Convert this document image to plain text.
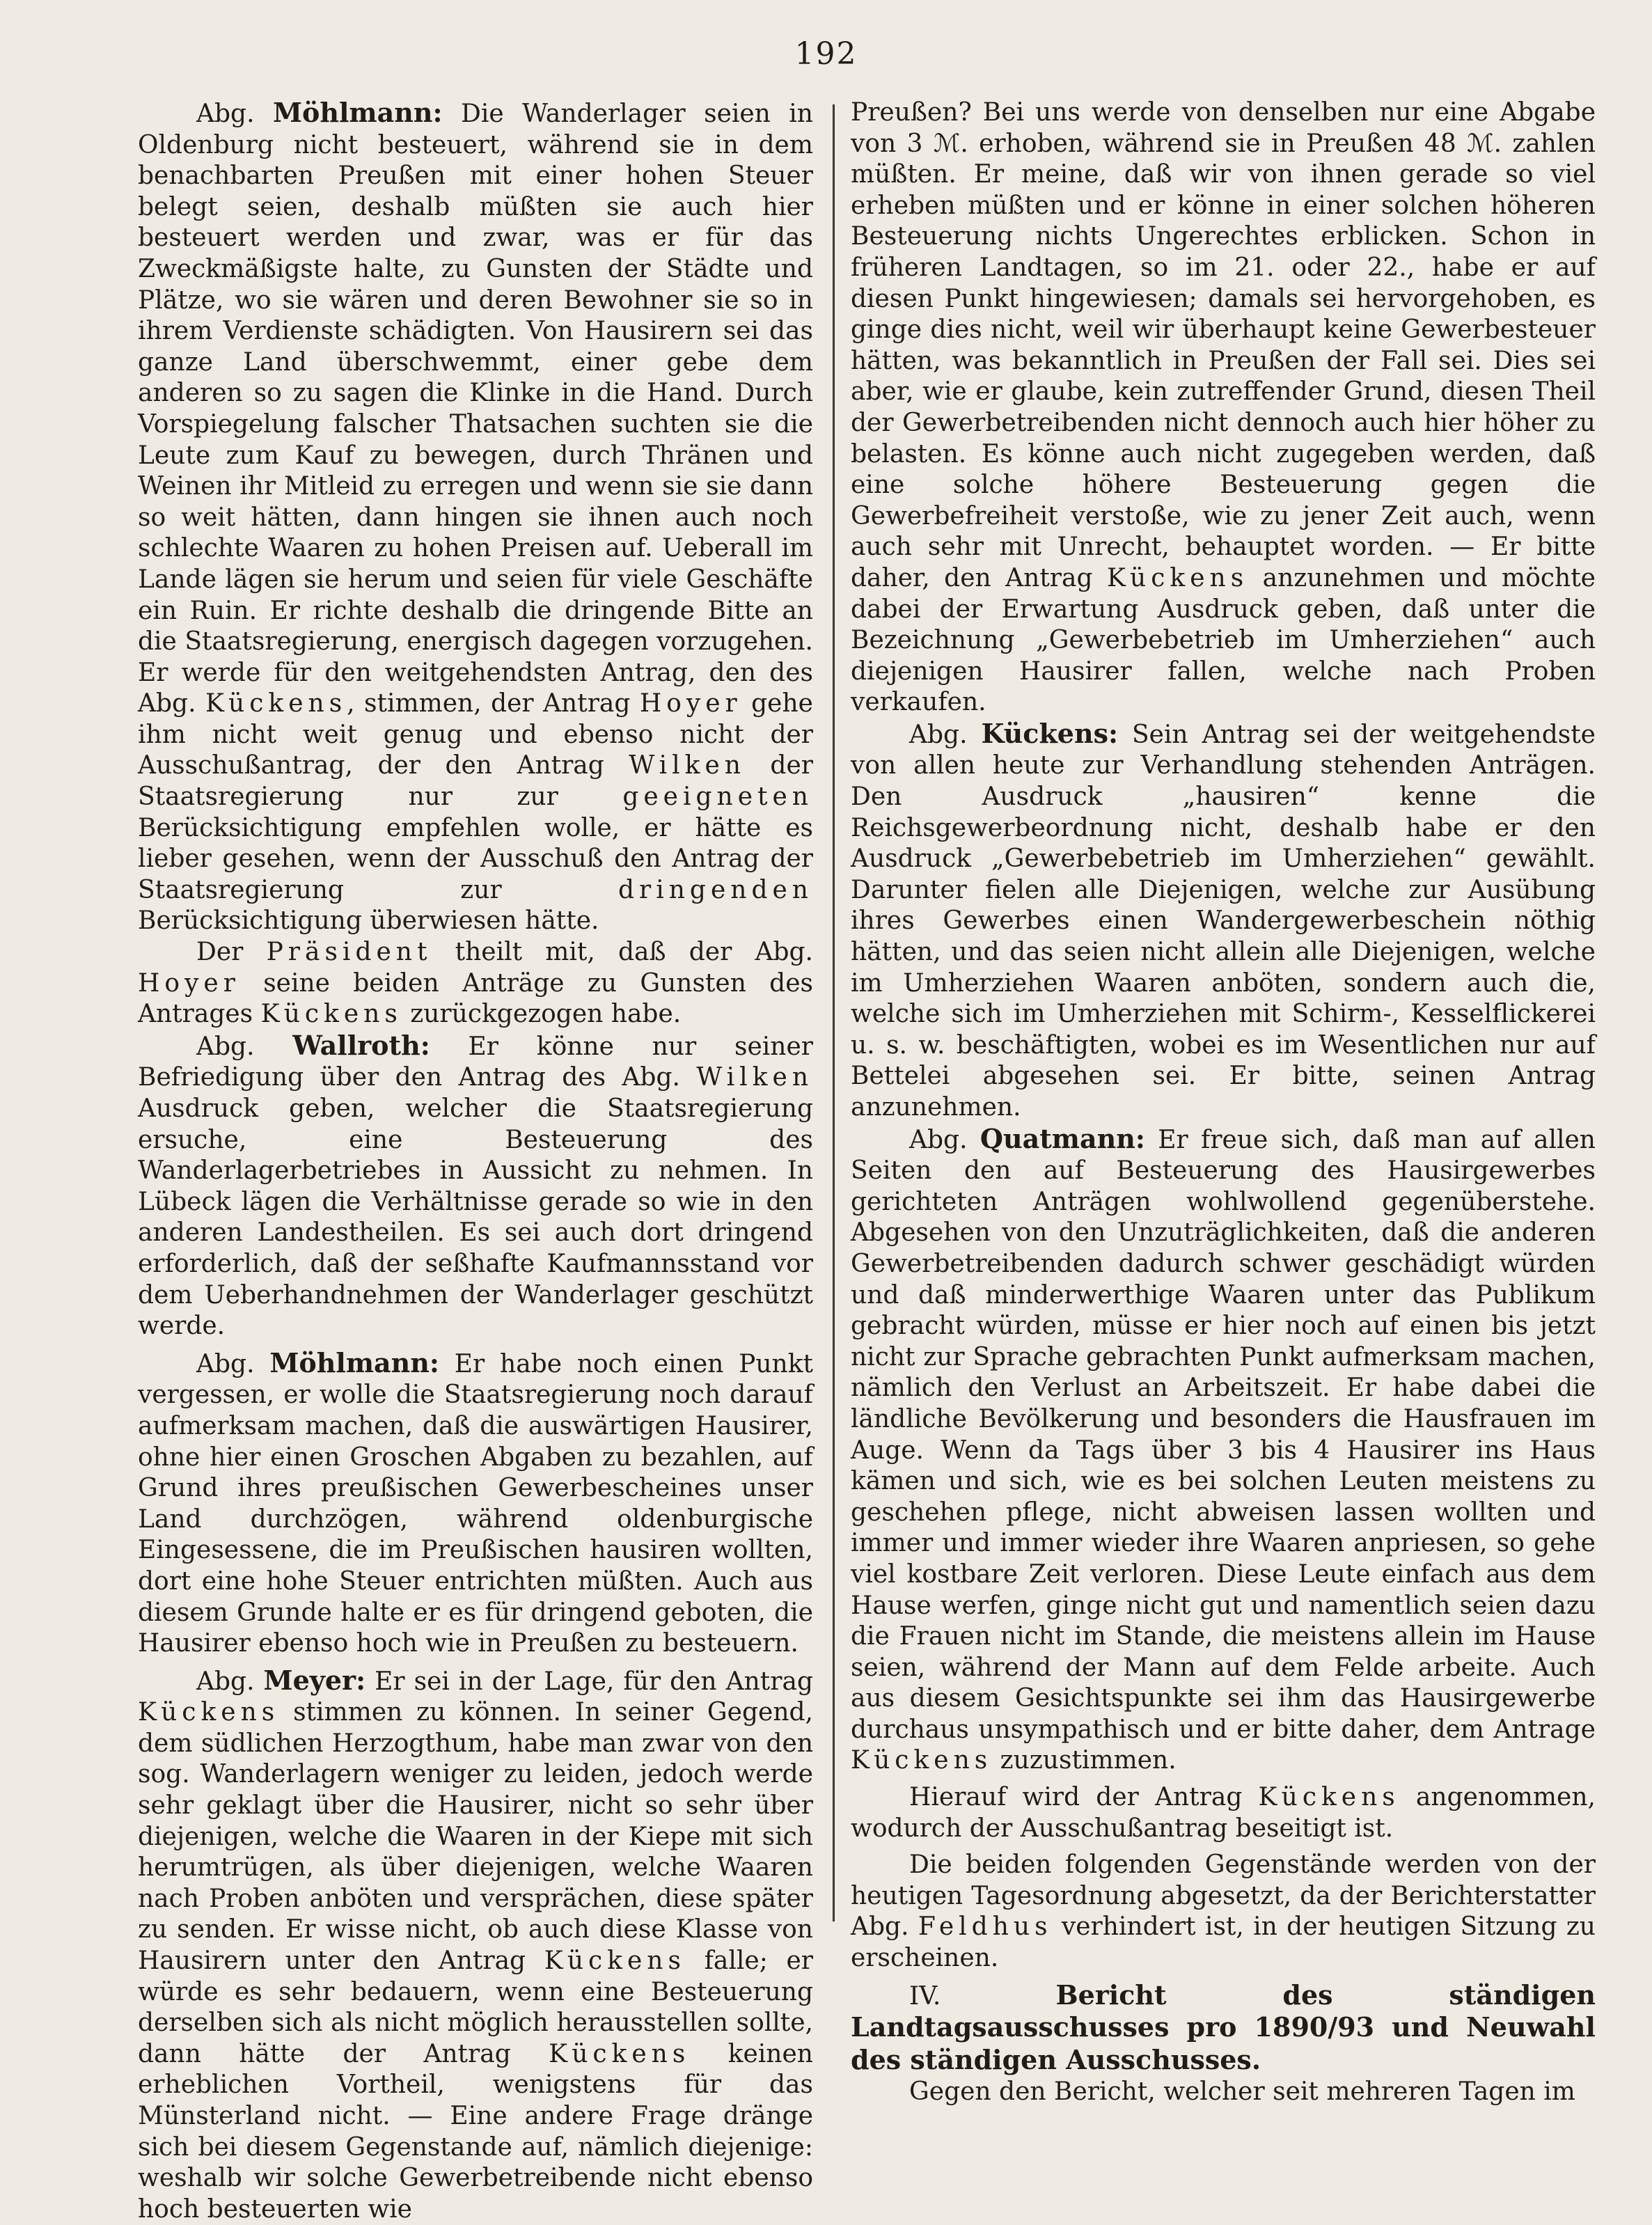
192

Abg. Möhlmann: Die Wanderlager seien in Oldenburg nicht besteuert, während sie in dem benachbarten Preußen mit einer hohen Steuer belegt seien, deshalb müßten sie auch hier besteuert werden und zwar, was er für das Zweckmäßigste halte, zu Gunsten der Städte und Plätze, wo sie wären und deren Bewohner sie so in ihrem Verdienste schädigten. Von Hausirern sei das ganze Land überschwemmt, einer gebe dem anderen so zu sagen die Klinke in die Hand. Durch Vorspiegelung falscher Thatsachen suchten sie die Leute zum Kauf zu bewegen, durch Thränen und Weinen ihr Mitleid zu erregen und wenn sie sie dann so weit hätten, dann hingen sie ihnen auch noch schlechte Waaren zu hohen Preisen auf. Ueberall im Lande lägen sie herum und seien für viele Geschäfte ein Ruin. Er richte deshalb die dringende Bitte an die Staatsregierung, energisch dagegen vorzugehen. Er werde für den weitgehendsten Antrag, den des Abg. Kückens, stimmen, der Antrag Hoyer gehe ihm nicht weit genug und ebenso nicht der Ausschußantrag, der den Antrag Wilken der Staatsregierung nur zur geeigneten Berücksichtigung empfehlen wolle, er hätte es lieber gesehen, wenn der Ausschuß den Antrag der Staatsregierung zur dringenden Berücksichtigung überwiesen hätte.

Der Präsident theilt mit, daß der Abg. Hoyer seine beiden Anträge zu Gunsten des Antrages Kückens zurückgezogen habe.

Abg. Wallroth: Er könne nur seiner Befriedigung über den Antrag des Abg. Wilken Ausdruck geben, welcher die Staatsregierung ersuche, eine Besteuerung des Wanderlagerbetriebes in Aussicht zu nehmen. In Lübeck lägen die Verhältnisse gerade so wie in den anderen Landestheilen. Es sei auch dort dringend erforderlich, daß der seßhafte Kaufmannsstand vor dem Ueberhandnehmen der Wanderlager geschützt werde.

Abg. Möhlmann: Er habe noch einen Punkt vergessen, er wolle die Staatsregierung noch darauf aufmerksam machen, daß die auswärtigen Hausirer, ohne hier einen Groschen Abgaben zu bezahlen, auf Grund ihres preußischen Gewerbescheines unser Land durchzögen, während oldenburgische Eingesessene, die im Preußischen hausiren wollten, dort eine hohe Steuer entrichten müßten. Auch aus diesem Grunde halte er es für dringend geboten, die Hausirer ebenso hoch wie in Preußen zu besteuern.

Abg. Meyer: Er sei in der Lage, für den Antrag Kückens stimmen zu können. In seiner Gegend, dem südlichen Herzogthum, habe man zwar von den sog. Wanderlagern weniger zu leiden, jedoch werde sehr geklagt über die Hausirer, nicht so sehr über diejenigen, welche die Waaren in der Kiepe mit sich herumtrügen, als über diejenigen, welche Waaren nach Proben anböten und versprächen, diese später zu senden. Er wisse nicht, ob auch diese Klasse von Hausirern unter den Antrag Kückens falle; er würde es sehr bedauern, wenn eine Besteuerung derselben sich als nicht möglich herausstellen sollte, dann hätte der Antrag Kückens keinen erheblichen Vortheil, wenigstens für das Münsterland nicht. — Eine andere Frage dränge sich bei diesem Gegenstande auf, nämlich diejenige: weshalb wir solche Gewerbetreibende nicht ebenso hoch besteuerten wie

Preußen? Bei uns werde von denselben nur eine Abgabe von 3 ℳ. erhoben, während sie in Preußen 48 ℳ. zahlen müßten. Er meine, daß wir von ihnen gerade so viel erheben müßten und er könne in einer solchen höheren Besteuerung nichts Ungerechtes erblicken. Schon in früheren Landtagen, so im 21. oder 22., habe er auf diesen Punkt hingewiesen; damals sei hervorgehoben, es ginge dies nicht, weil wir überhaupt keine Gewerbesteuer hätten, was bekanntlich in Preußen der Fall sei. Dies sei aber, wie er glaube, kein zutreffender Grund, diesen Theil der Gewerbetreibenden nicht dennoch auch hier höher zu belasten. Es könne auch nicht zugegeben werden, daß eine solche höhere Besteuerung gegen die Gewerbefreiheit verstoße, wie zu jener Zeit auch, wenn auch sehr mit Unrecht, behauptet worden. — Er bitte daher, den Antrag Kückens anzunehmen und möchte dabei der Erwartung Ausdruck geben, daß unter die Bezeichnung „Gewerbebetrieb im Umherziehen“ auch diejenigen Hausirer fallen, welche nach Proben verkaufen.

Abg. Kückens: Sein Antrag sei der weitgehendste von allen heute zur Verhandlung stehenden Anträgen. Den Ausdruck „hausiren“ kenne die Reichsgewerbeordnung nicht, deshalb habe er den Ausdruck „Gewerbebetrieb im Umherziehen“ gewählt. Darunter fielen alle Diejenigen, welche zur Ausübung ihres Gewerbes einen Wandergewerbeschein nöthig hätten, und das seien nicht allein alle Diejenigen, welche im Umherziehen Waaren anböten, sondern auch die, welche sich im Umherziehen mit Schirm-, Kesselflickerei u. s. w. beschäftigten, wobei es im Wesentlichen nur auf Bettelei abgesehen sei. Er bitte, seinen Antrag anzunehmen.

Abg. Quatmann: Er freue sich, daß man auf allen Seiten den auf Besteuerung des Hausirgewerbes gerichteten Anträgen wohlwollend gegenüberstehe. Abgesehen von den Unzuträglichkeiten, daß die anderen Gewerbetreibenden dadurch schwer geschädigt würden und daß minderwerthige Waaren unter das Publikum gebracht würden, müsse er hier noch auf einen bis jetzt nicht zur Sprache gebrachten Punkt aufmerksam machen, nämlich den Verlust an Arbeitszeit. Er habe dabei die ländliche Bevölkerung und besonders die Hausfrauen im Auge. Wenn da Tags über 3 bis 4 Hausirer ins Haus kämen und sich, wie es bei solchen Leuten meistens zu geschehen pflege, nicht abweisen lassen wollten und immer und immer wieder ihre Waaren anpriesen, so gehe viel kostbare Zeit verloren. Diese Leute einfach aus dem Hause werfen, ginge nicht gut und namentlich seien dazu die Frauen nicht im Stande, die meistens allein im Hause seien, während der Mann auf dem Felde arbeite. Auch aus diesem Gesichtspunkte sei ihm das Hausirgewerbe durchaus unsympathisch und er bitte daher, dem Antrage Kückens zuzustimmen.

Hierauf wird der Antrag Kückens angenommen, wodurch der Ausschußantrag beseitigt ist.

Die beiden folgenden Gegenstände werden von der heutigen Tagesordnung abgesetzt, da der Berichterstatter Abg. Feldhus verhindert ist, in der heutigen Sitzung zu erscheinen.

IV.	Bericht des ständigen Landtagsausschusses pro 1890/93 und Neuwahl des ständigen Ausschusses.

Gegen den Bericht, welcher seit mehreren Tagen im
